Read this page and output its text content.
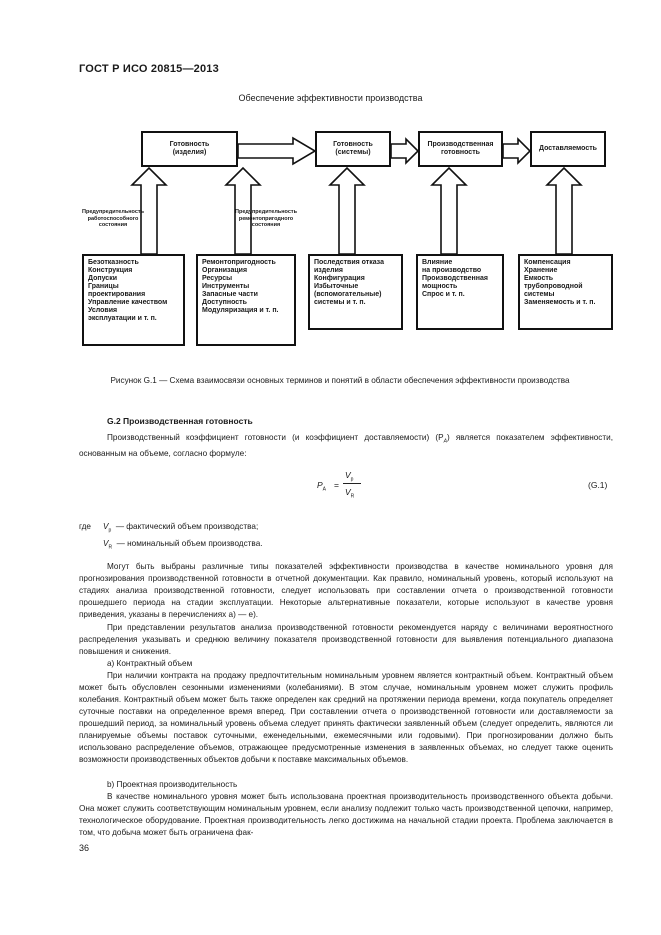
ГОСТ Р ИСО 20815—2013
Обеспечение эффективности производства
Готовность
(изделия)
Готовность
(системы)
Производственная
готовность
Доставляемость
Предупредительность работоспособного состояния
Предупредительность ремонтопригодного состояния
Безотказность
Конструкция
Допуски
Границы
проектирования
Управление качеством
Условия
эксплуатации и т. п.
Ремонтопригодность
Организация
Ресурсы
Инструменты
Запасные части
Доступность
Модуляризация и т. п.
Последствия отказа
изделия
Конфигурация
Избыточные
(вспомогательные)
системы и т. п.
Влияние
на производство
Производственная
мощность
Спрос и т. п.
Компенсация
Хранение
Емкость
трубопроводной
системы
Заменяемость и т. п.
Рисунок G.1 — Схема взаимосвязи основных терминов и понятий в области обеспечения эффективности производства
G.2 Производственная готовность
Производственный коэффициент готовности (и коэффициент доставляемости) $(P_A)$ является показателем эффективности, основанным на объеме, согласно формуле:
$P_A$ =
$V_p$
$V_R$
(G.1)
где $V_p$ — фактический объем производства;
$V_R$ — номинальный объем производства.
Могут быть выбраны различные типы показателей эффективности производства в качестве номинального уровня для прогнозирования производственной готовности в отчетной документации. Как правило, номинальный уровень, который используют на стадиях анализа производственной готовности, следует использовать при составлении отчета о производственной готовности прошедшего периода на стадии эксплуатации. Некоторые альтернативные показатели, которые используют в качестве уровня приведения, указаны в перечислениях а) — е).
При представлении результатов анализа производственной готовности рекомендуется наряду с величинами вероятностного распределения указывать и среднюю величину показателя производственной готовности для выявления потенциального диапазона повышения и снижения.
a) Контрактный объем
При наличии контракта на продажу предпочтительным номинальным уровнем является контрактный объем. Контрактный объем может быть обусловлен сезонными изменениями (колебаниями). В этом случае, номинальным уровнем может служить профиль колебания. Контрактный объем может быть также определен как средний на протяжении периода времени, когда покупатель определяет суточные поставки на определенное время вперед. При составлении отчета о производственной готовности или доставляемости за прошедший период, за номинальный уровень объема следует принять фактически заявленный объем (следует определить, являются ли планируемые объемы поставок суточными, еженедельными, ежемесячными или годовыми). При прогнозировании должно быть использовано распределение объемов, отражающее предусмотренные изменения в заявленных объемах, но следует также оценить возможности производственных объектов добычи к поставке максимальных объемов.
b) Проектная производительность
В качестве номинального уровня может быть использована проектная производительность производственного объекта добычи. Она может служить соответствующим номинальным уровнем, если анализу подлежит только часть производственной цепочки, например, технологическое оборудование. Проектная производительность легко достижима на начальной стадии проекта. Проблема заключается в том, что добыча может быть ограничена фак-
36
